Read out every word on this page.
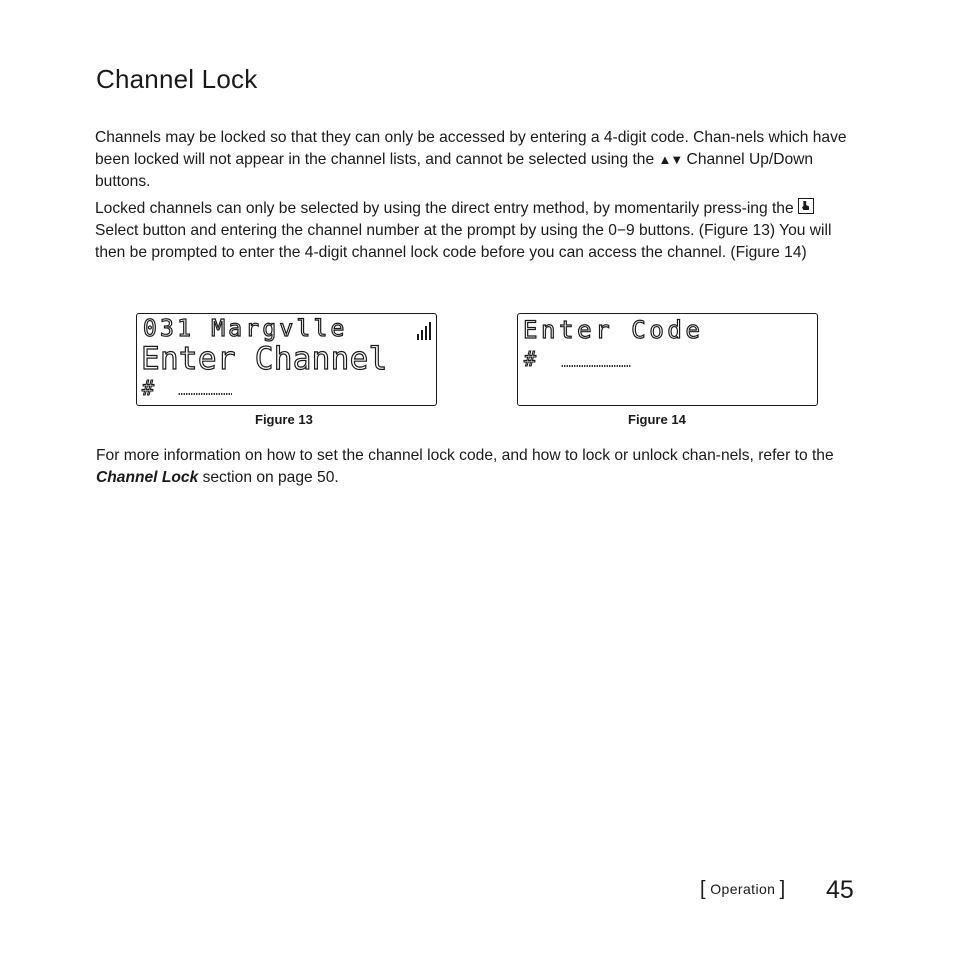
Channel Lock

Channels may be locked so that they can only be accessed by entering a 4-digit code. Chan-nels which have been locked will not appear in the channel lists, and cannot be selected using the ▲▼ Channel Up/Down buttons.

Locked channels can only be selected by using the direct entry method, by momentarily press-ing the  Select button and entering the channel number at the prompt by using the 0−9 buttons. (Figure 13) You will then be prompted to enter the 4-digit channel lock code before you can access the channel. (Figure 14)

031 Margvlle
Enter Channel
#
Figure 13
Enter Code
#
Figure 14

For more information on how to set the channel lock code, and how to lock or unlock chan-nels, refer to the Channel Lock section on page 50.

[ Operation ] 45
